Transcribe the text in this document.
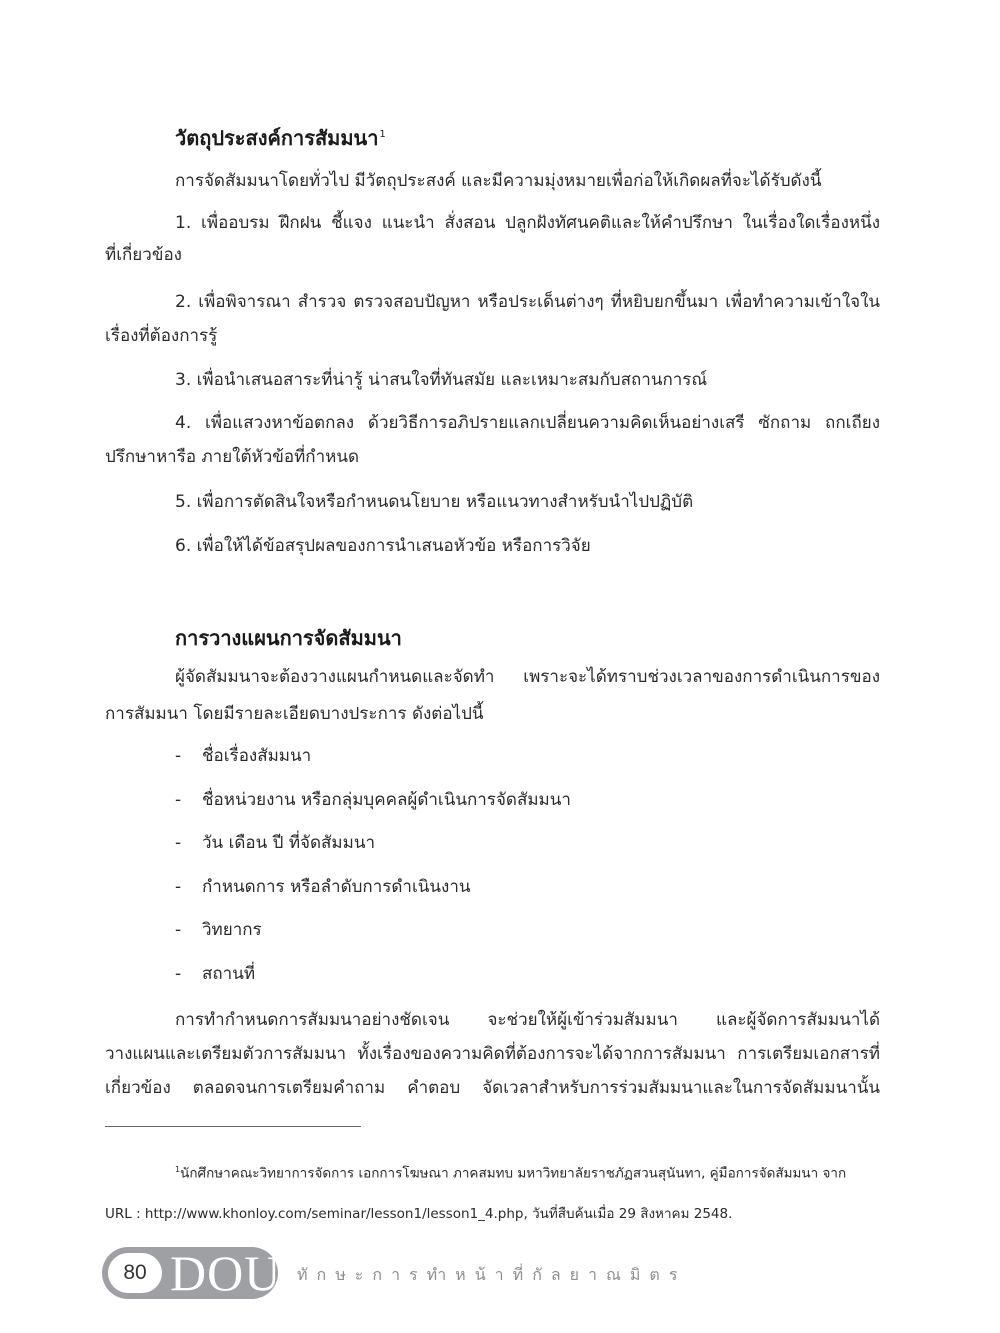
วัตถุประสงค์การสัมมนา$^1$
การจัดสัมมนาโดยทั่วไป มีวัตถุประสงค์ และมีความมุ่งหมายเพื่อก่อให้เกิดผลที่จะได้รับดังนี้
1. เพื่ออบรม ฝึกฝน ชี้แจง แนะนำ สั่งสอน ปลูกฝังทัศนคติและให้คำปรึกษา ในเรื่องใดเรื่องหนึ่ง
ที่เกี่ยวข้อง
2. เพื่อพิจารณา สำรวจ ตรวจสอบปัญหา หรือประเด็นต่างๆ ที่หยิบยกขึ้นมา เพื่อทำความเข้าใจใน
เรื่องที่ต้องการรู้
3. เพื่อนำเสนอสาระที่น่ารู้ น่าสนใจที่ทันสมัย และเหมาะสมกับสถานการณ์
4. เพื่อแสวงหาข้อตกลง ด้วยวิธีการอภิปรายแลกเปลี่ยนความคิดเห็นอย่างเสรี ซักถาม ถกเถียง
ปรึกษาหารือ ภายใต้หัวข้อที่กำหนด
5. เพื่อการตัดสินใจหรือกำหนดนโยบาย หรือแนวทางสำหรับนำไปปฏิบัติ
6. เพื่อให้ได้ข้อสรุปผลของการนำเสนอหัวข้อ หรือการวิจัย
การวางแผนการจัดสัมมนา
ผู้จัดสัมมนาจะต้องวางแผนกำหนดและจัดทำ เพราะจะได้ทราบช่วงเวลาของการดำเนินการของ
การสัมมนา โดยมีรายละเอียดบางประการ ดังต่อไปนี้
- ชื่อเรื่องสัมมนา
- ชื่อหน่วยงาน หรือกลุ่มบุคคลผู้ดำเนินการจัดสัมมนา
- วัน เดือน ปี ที่จัดสัมมนา
- กำหนดการ หรือลำดับการดำเนินงาน
- วิทยากร
- สถานที่
การทำกำหนดการสัมมนาอย่างชัดเจน จะช่วยให้ผู้เข้าร่วมสัมมนา และผู้จัดการสัมมนาได้
วางแผนและเตรียมตัวการสัมมนา ทั้งเรื่องของความคิดที่ต้องการจะได้จากการสัมมนา การเตรียมเอกสารที่
เกี่ยวข้อง ตลอดจนการเตรียมคำถาม คำตอบ จัดเวลาสำหรับการร่วมสัมมนาและในการจัดสัมมนานั้น
$^1$นักศึกษาคณะวิทยาการจัดการ เอกการโฆษณา ภาคสมทบ มหาวิทยาลัยราชภัฏสวนสุนันทา, คู่มือการจัดสัมมนา จาก
URL : http://www.khonloy.com/seminar/lesson1/lesson1_4.php, วันที่สืบค้นเมื่อ 29 สิงหาคม 2548.
80 DOU ทักษะการทำหน้าที่กัลยาณมิตร
